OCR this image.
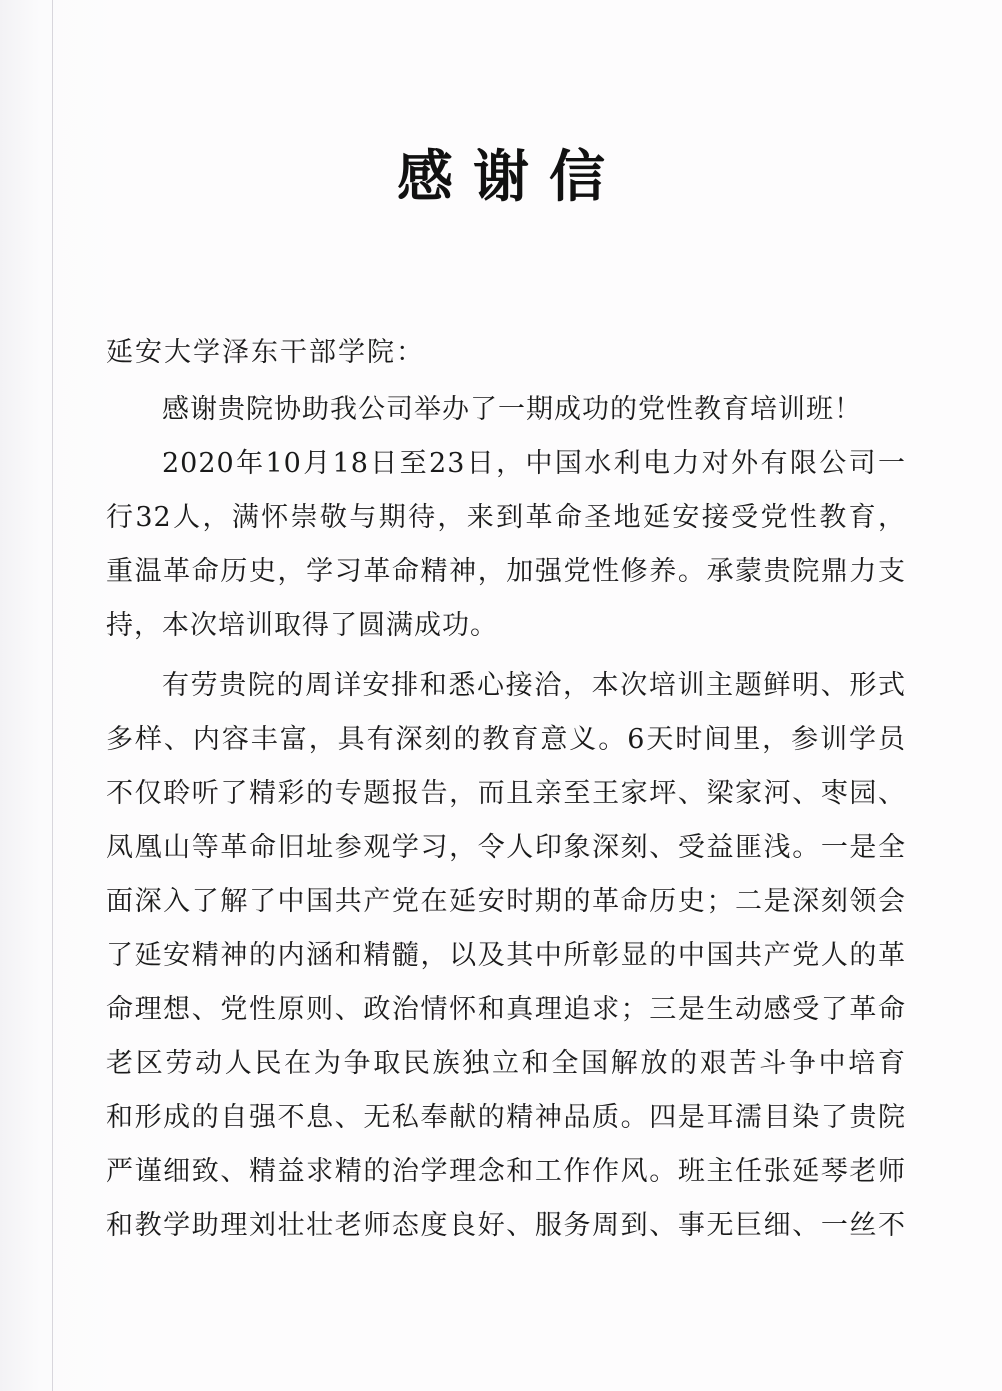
感谢信
延安大学泽东干部学院：
感谢贵院协助我公司举办了一期成功的党性教育培训班！
2020年10月18日至23日，中国水利电力对外有限公司一
行32人，满怀崇敬与期待，来到革命圣地延安接受党性教育，
重温革命历史，学习革命精神，加强党性修养。承蒙贵院鼎力支
持，本次培训取得了圆满成功。
有劳贵院的周详安排和悉心接洽，本次培训主题鲜明、形式
多样、内容丰富，具有深刻的教育意义。6天时间里，参训学员
不仅聆听了精彩的专题报告，而且亲至王家坪、梁家河、枣园、
凤凰山等革命旧址参观学习，令人印象深刻、受益匪浅。一是全
面深入了解了中国共产党在延安时期的革命历史；二是深刻领会
了延安精神的内涵和精髓，以及其中所彰显的中国共产党人的革
命理想、党性原则、政治情怀和真理追求；三是生动感受了革命
老区劳动人民在为争取民族独立和全国解放的艰苦斗争中培育
和形成的自强不息、无私奉献的精神品质。四是耳濡目染了贵院
严谨细致、精益求精的治学理念和工作作风。班主任张延琴老师
和教学助理刘壮壮老师态度良好、服务周到、事无巨细、一丝不
